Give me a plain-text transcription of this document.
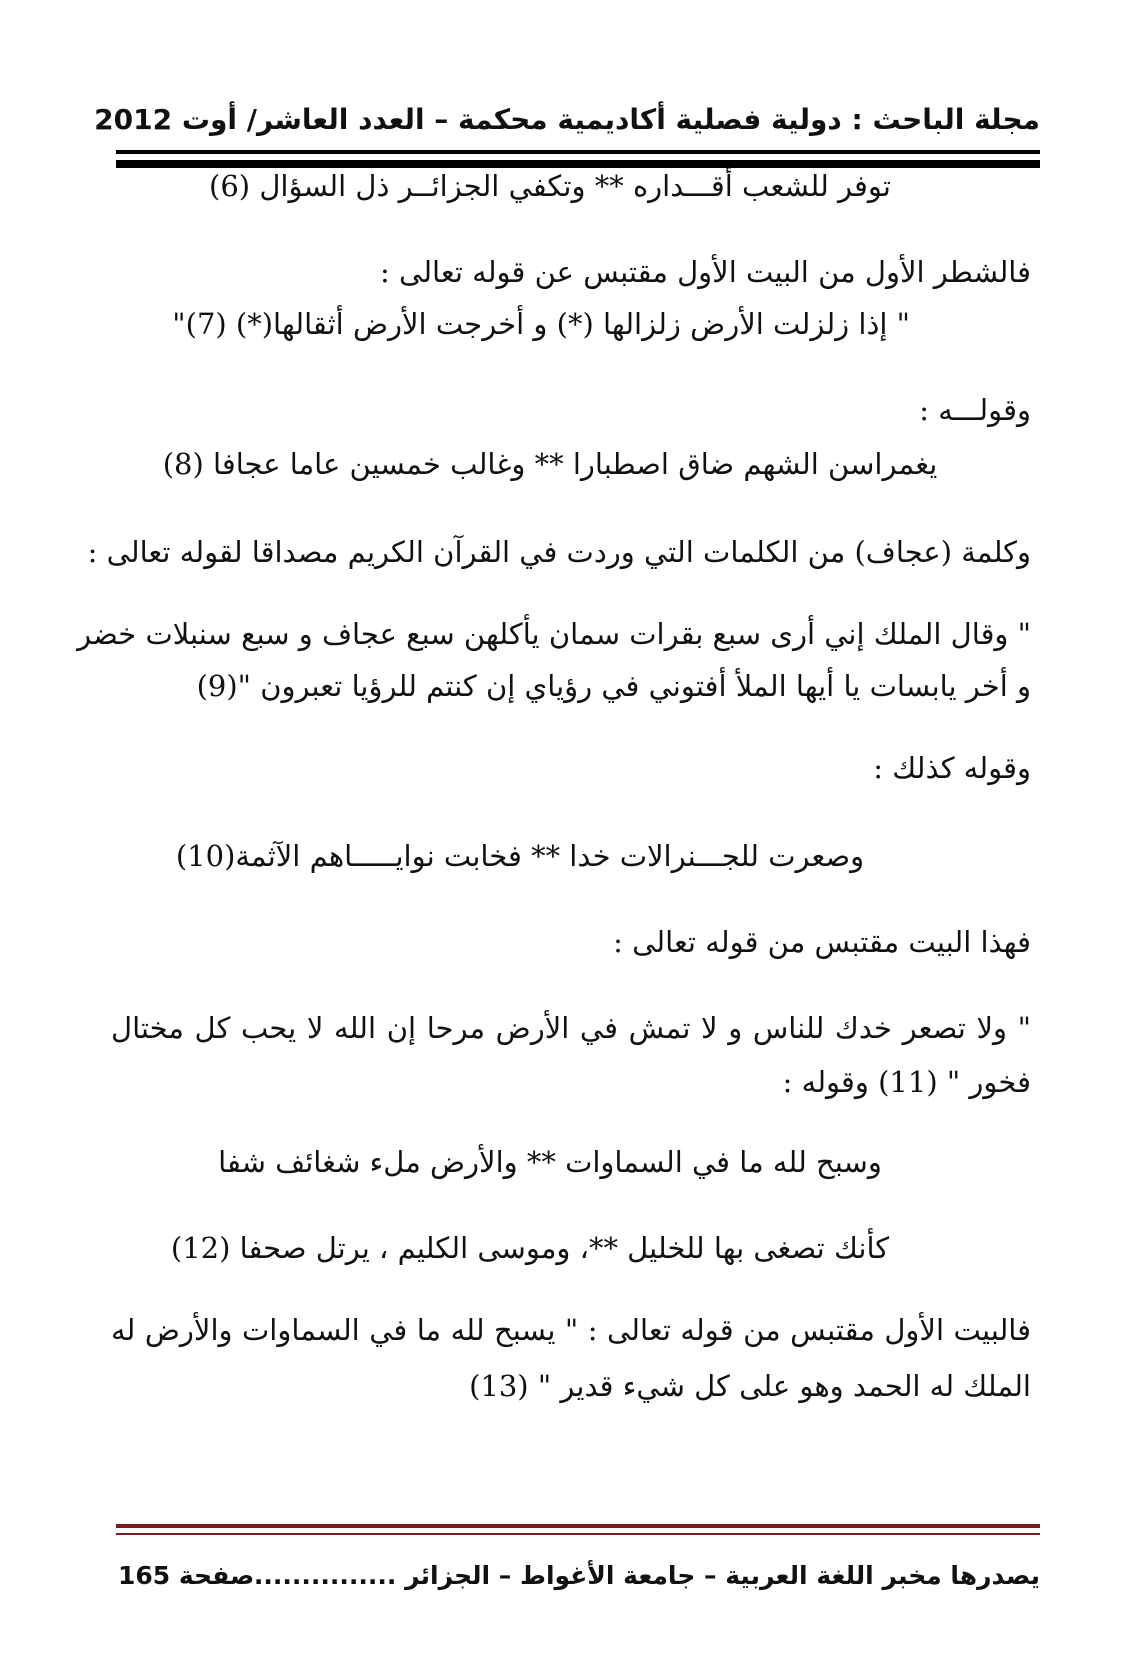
مجلة الباحث : دولية فصلية أكاديمية محكمة – العدد العاشر/ أوت 2012
توفر للشعب أقـــداره ** وتكفي الجزائــر ذل السؤال (6)
فالشطر الأول من البيت الأول مقتبس عن قوله تعالى :
" إذا زلزلت الأرض زلزالها (*) و أخرجت الأرض أثقالها(*) (7)"
وقولـــه :
يغمراسن الشهم ضاق اصطبارا ** وغالب خمسين عاما عجافا (8)
وكلمة (عجاف) من الكلمات التي وردت في القرآن الكريم مصداقا لقوله تعالى :
" وقال الملك إني أرى سبع بقرات سمان يأكلهن سبع عجاف و سبع سنبلات خضر
و أخر يابسات يا أيها الملأ أفتوني في رؤياي إن كنتم للرؤيا تعبرون "(9)
وقوله كذلك :
وصعرت للجـــنرالات خدا ** فخابت نوايـــــاهم الآثمة(10)
فهذا البيت مقتبس من قوله تعالى :
" ولا تصعر خدك للناس و لا تمش في الأرض مرحا إن الله لا يحب كل مختال
فخور " (11) وقوله :
وسبح لله ما في السماوات ** والأرض ملء شغائف شفا
كأنك تصغى بها للخليل **، وموسى الكليم ، يرتل صحفا (12)
فالبيت الأول مقتبس من قوله تعالى : " يسبح لله ما في السماوات والأرض له
الملك له الحمد وهو على كل شيء قدير " (13)
يصدرها مخبر اللغة العربية – جامعة الأغواط – الجزائر ...............
صفحة 165
